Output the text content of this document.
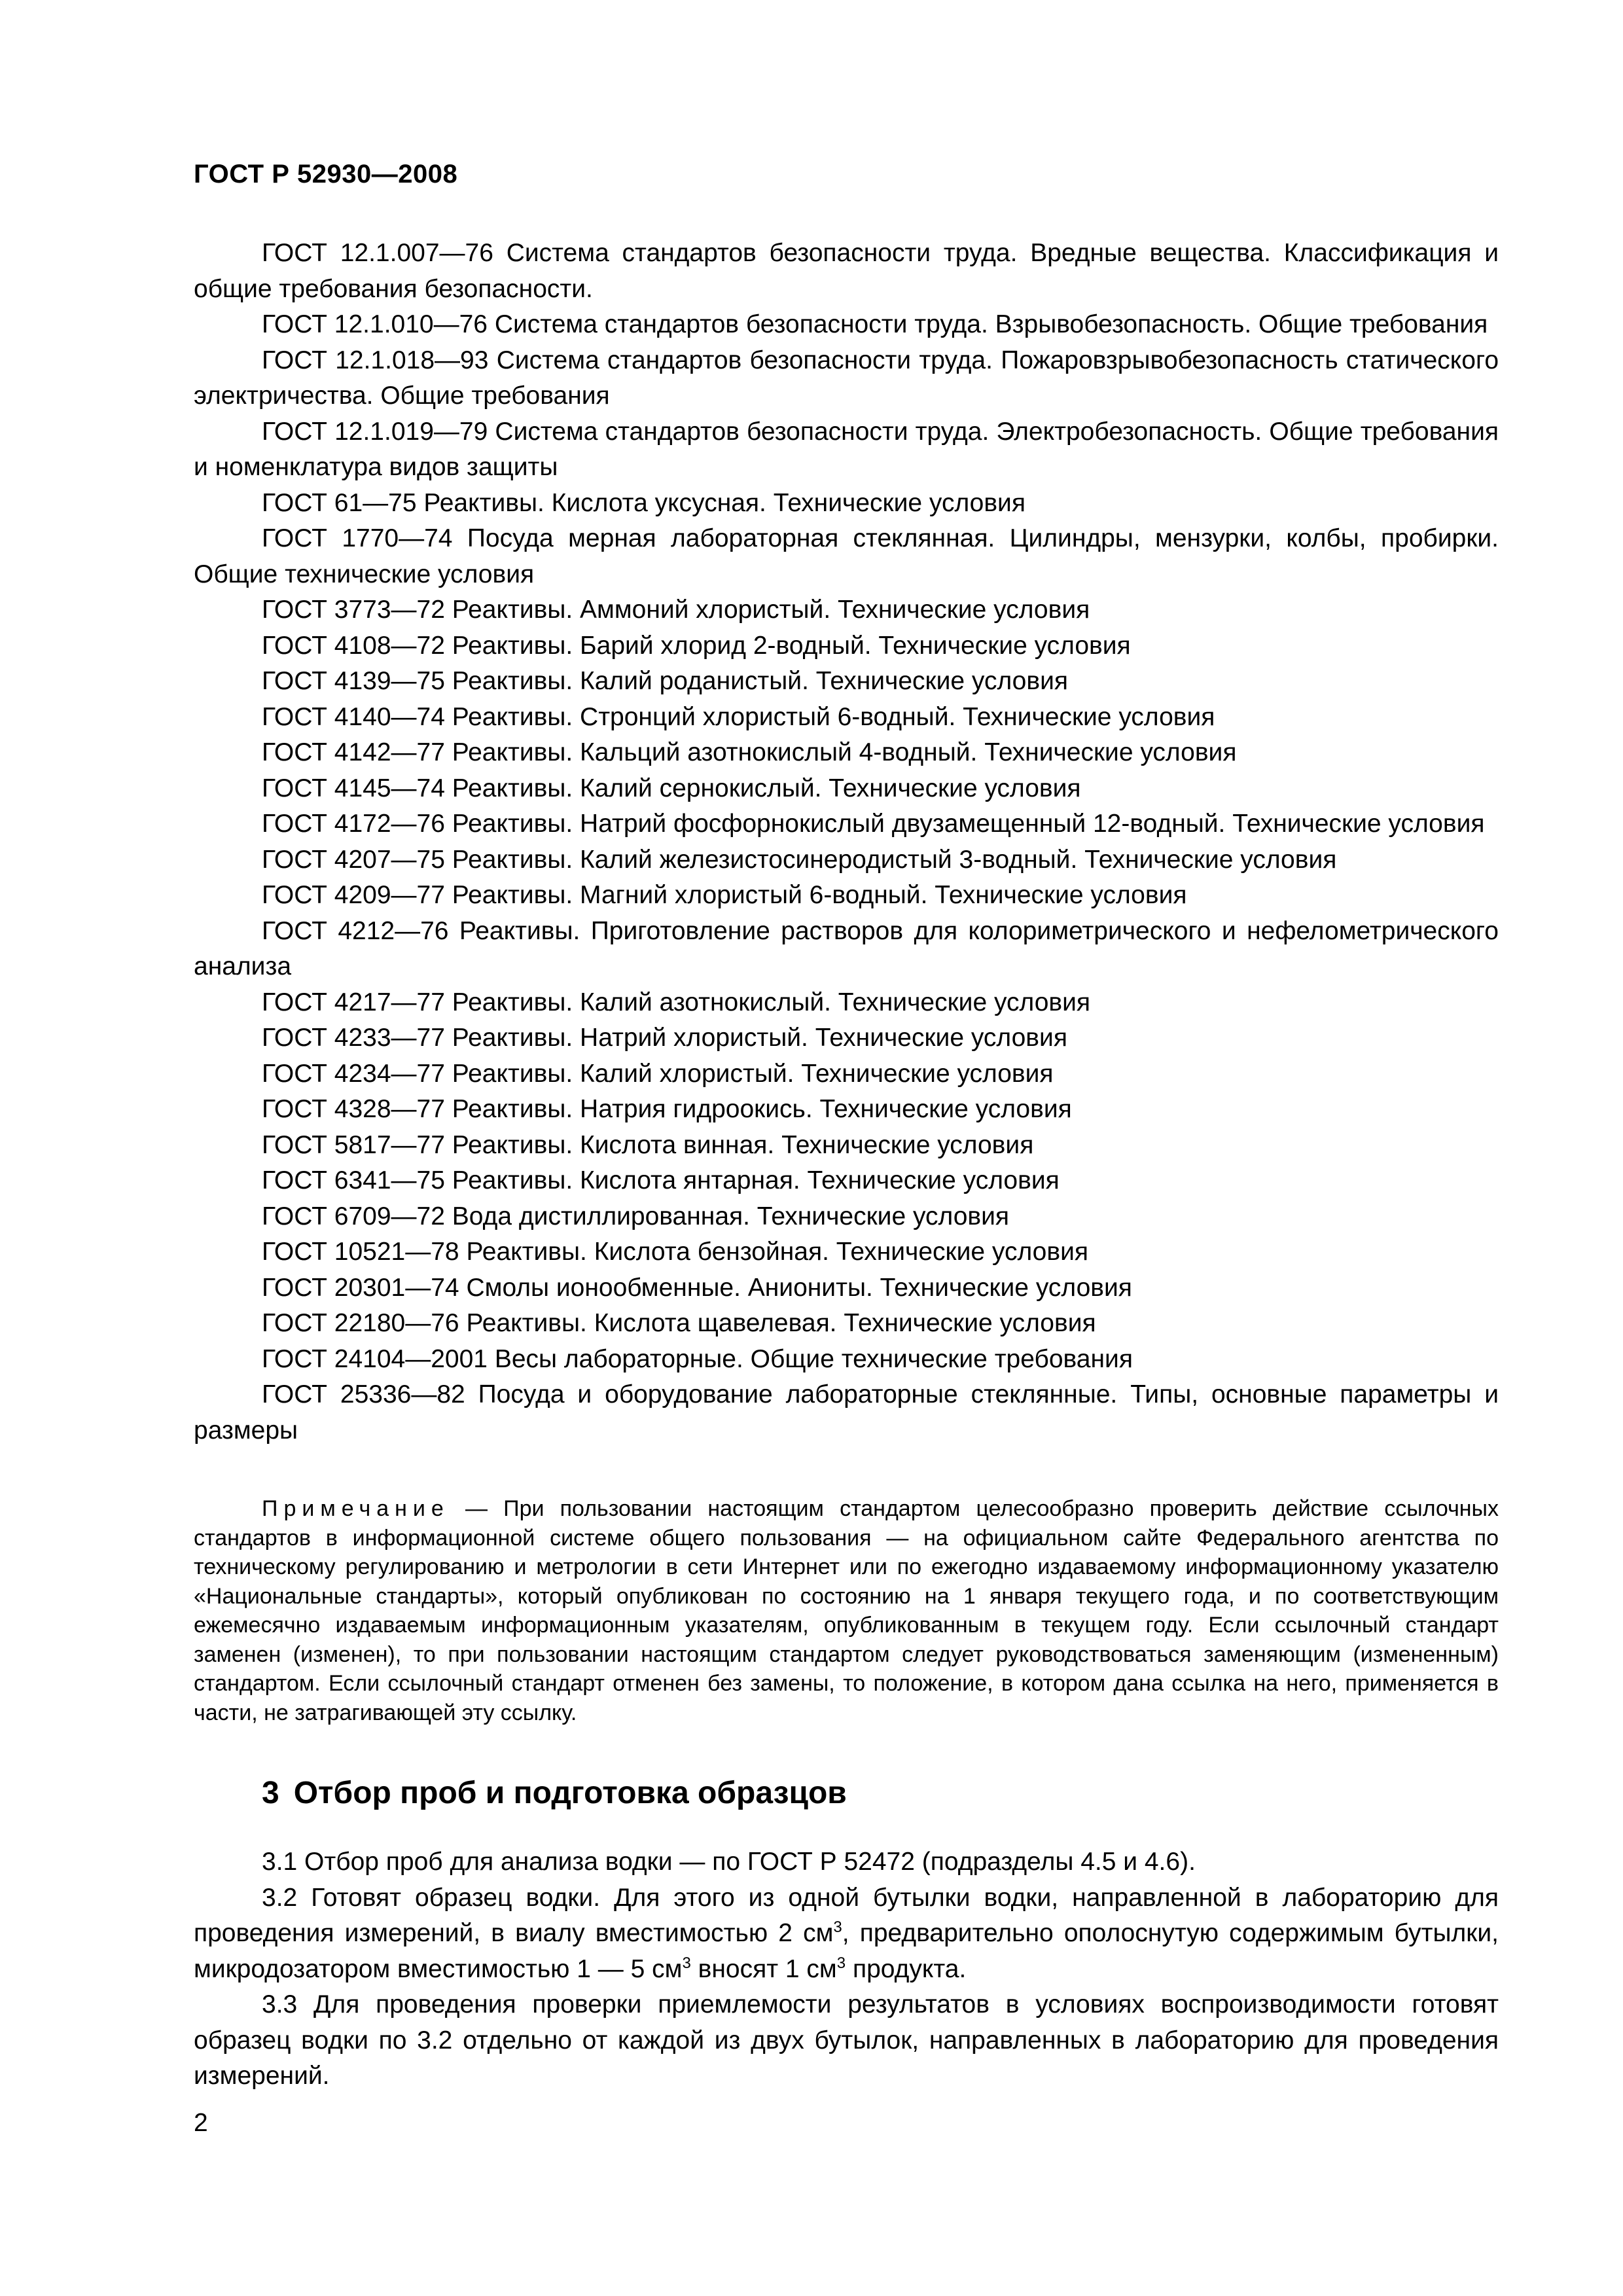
ГОСТ Р 52930—2008

ГОСТ 12.1.007—76 Система стандартов безопасности труда. Вредные вещества. Классификация и общие требования безопасности.

ГОСТ 12.1.010—76 Система стандартов безопасности труда. Взрывобезопасность. Общие требования

ГОСТ 12.1.018—93 Система стандартов безопасности труда. Пожаровзрывобезопасность статического электричества. Общие требования

ГОСТ 12.1.019—79 Система стандартов безопасности труда. Электробезопасность. Общие требования и номенклатура видов защиты

ГОСТ 61—75 Реактивы. Кислота уксусная. Технические условия

ГОСТ 1770—74 Посуда мерная лабораторная стеклянная. Цилиндры, мензурки, колбы, пробирки. Общие технические условия

ГОСТ 3773—72 Реактивы. Аммоний хлористый. Технические условия

ГОСТ 4108—72 Реактивы. Барий хлорид 2-водный. Технические условия

ГОСТ 4139—75 Реактивы. Калий роданистый. Технические условия

ГОСТ 4140—74 Реактивы. Стронций хлористый 6-водный. Технические условия

ГОСТ 4142—77 Реактивы. Кальций азотнокислый 4-водный. Технические условия

ГОСТ 4145—74 Реактивы. Калий сернокислый. Технические условия

ГОСТ 4172—76 Реактивы. Натрий фосфорнокислый двузамещенный 12-водный. Технические условия

ГОСТ 4207—75 Реактивы. Калий железистосинеродистый 3-водный. Технические условия

ГОСТ 4209—77 Реактивы. Магний хлористый 6-водный. Технические условия

ГОСТ 4212—76 Реактивы. Приготовление растворов для колориметрического и нефелометрического анализа

ГОСТ 4217—77 Реактивы. Калий азотнокислый. Технические условия

ГОСТ 4233—77 Реактивы. Натрий хлористый. Технические условия

ГОСТ 4234—77 Реактивы. Калий хлористый. Технические условия

ГОСТ 4328—77 Реактивы. Натрия гидроокись. Технические условия

ГОСТ 5817—77 Реактивы. Кислота винная. Технические условия

ГОСТ 6341—75 Реактивы. Кислота янтарная. Технические условия

ГОСТ 6709—72 Вода дистиллированная. Технические условия

ГОСТ 10521—78 Реактивы. Кислота бензойная. Технические условия

ГОСТ 20301—74 Смолы ионообменные. Аниониты. Технические условия

ГОСТ 22180—76 Реактивы. Кислота щавелевая. Технические условия

ГОСТ 24104—2001 Весы лабораторные. Общие технические требования

ГОСТ 25336—82 Посуда и оборудование лабораторные стеклянные. Типы, основные параметры и размеры

Примечание — При пользовании настоящим стандартом целесообразно проверить действие ссылочных стандартов в информационной системе общего пользования — на официальном сайте Федерального агентства по техническому регулированию и метрологии в сети Интернет или по ежегодно издаваемому информационному указателю «Национальные стандарты», который опубликован по состоянию на 1 января текущего года, и по соответствующим ежемесячно издаваемым информационным указателям, опубликованным в текущем году. Если ссылочный стандарт заменен (изменен), то при пользовании настоящим стандартом следует руководствоваться заменяющим (измененным) стандартом. Если ссылочный стандарт отменен без замены, то положение, в котором дана ссылка на него, применяется в части, не затрагивающей эту ссылку.
3 Отбор проб и подготовка образцов

3.1 Отбор проб для анализа водки — по ГОСТ Р 52472 (подразделы 4.5 и 4.6).

3.2 Готовят образец водки. Для этого из одной бутылки водки, направленной в лабораторию для проведения измерений, в виалу вместимостью 2 $см^3$, предварительно ополоснутую содержимым бутылки, микродозатором вместимостью 1 — 5 $см^3$ вносят 1 $см^3$ продукта.

3.3 Для проведения проверки приемлемости результатов в условиях воспроизводимости готовят образец водки по 3.2 отдельно от каждой из двух бутылок, направленных в лабораторию для проведения измерений.

2
